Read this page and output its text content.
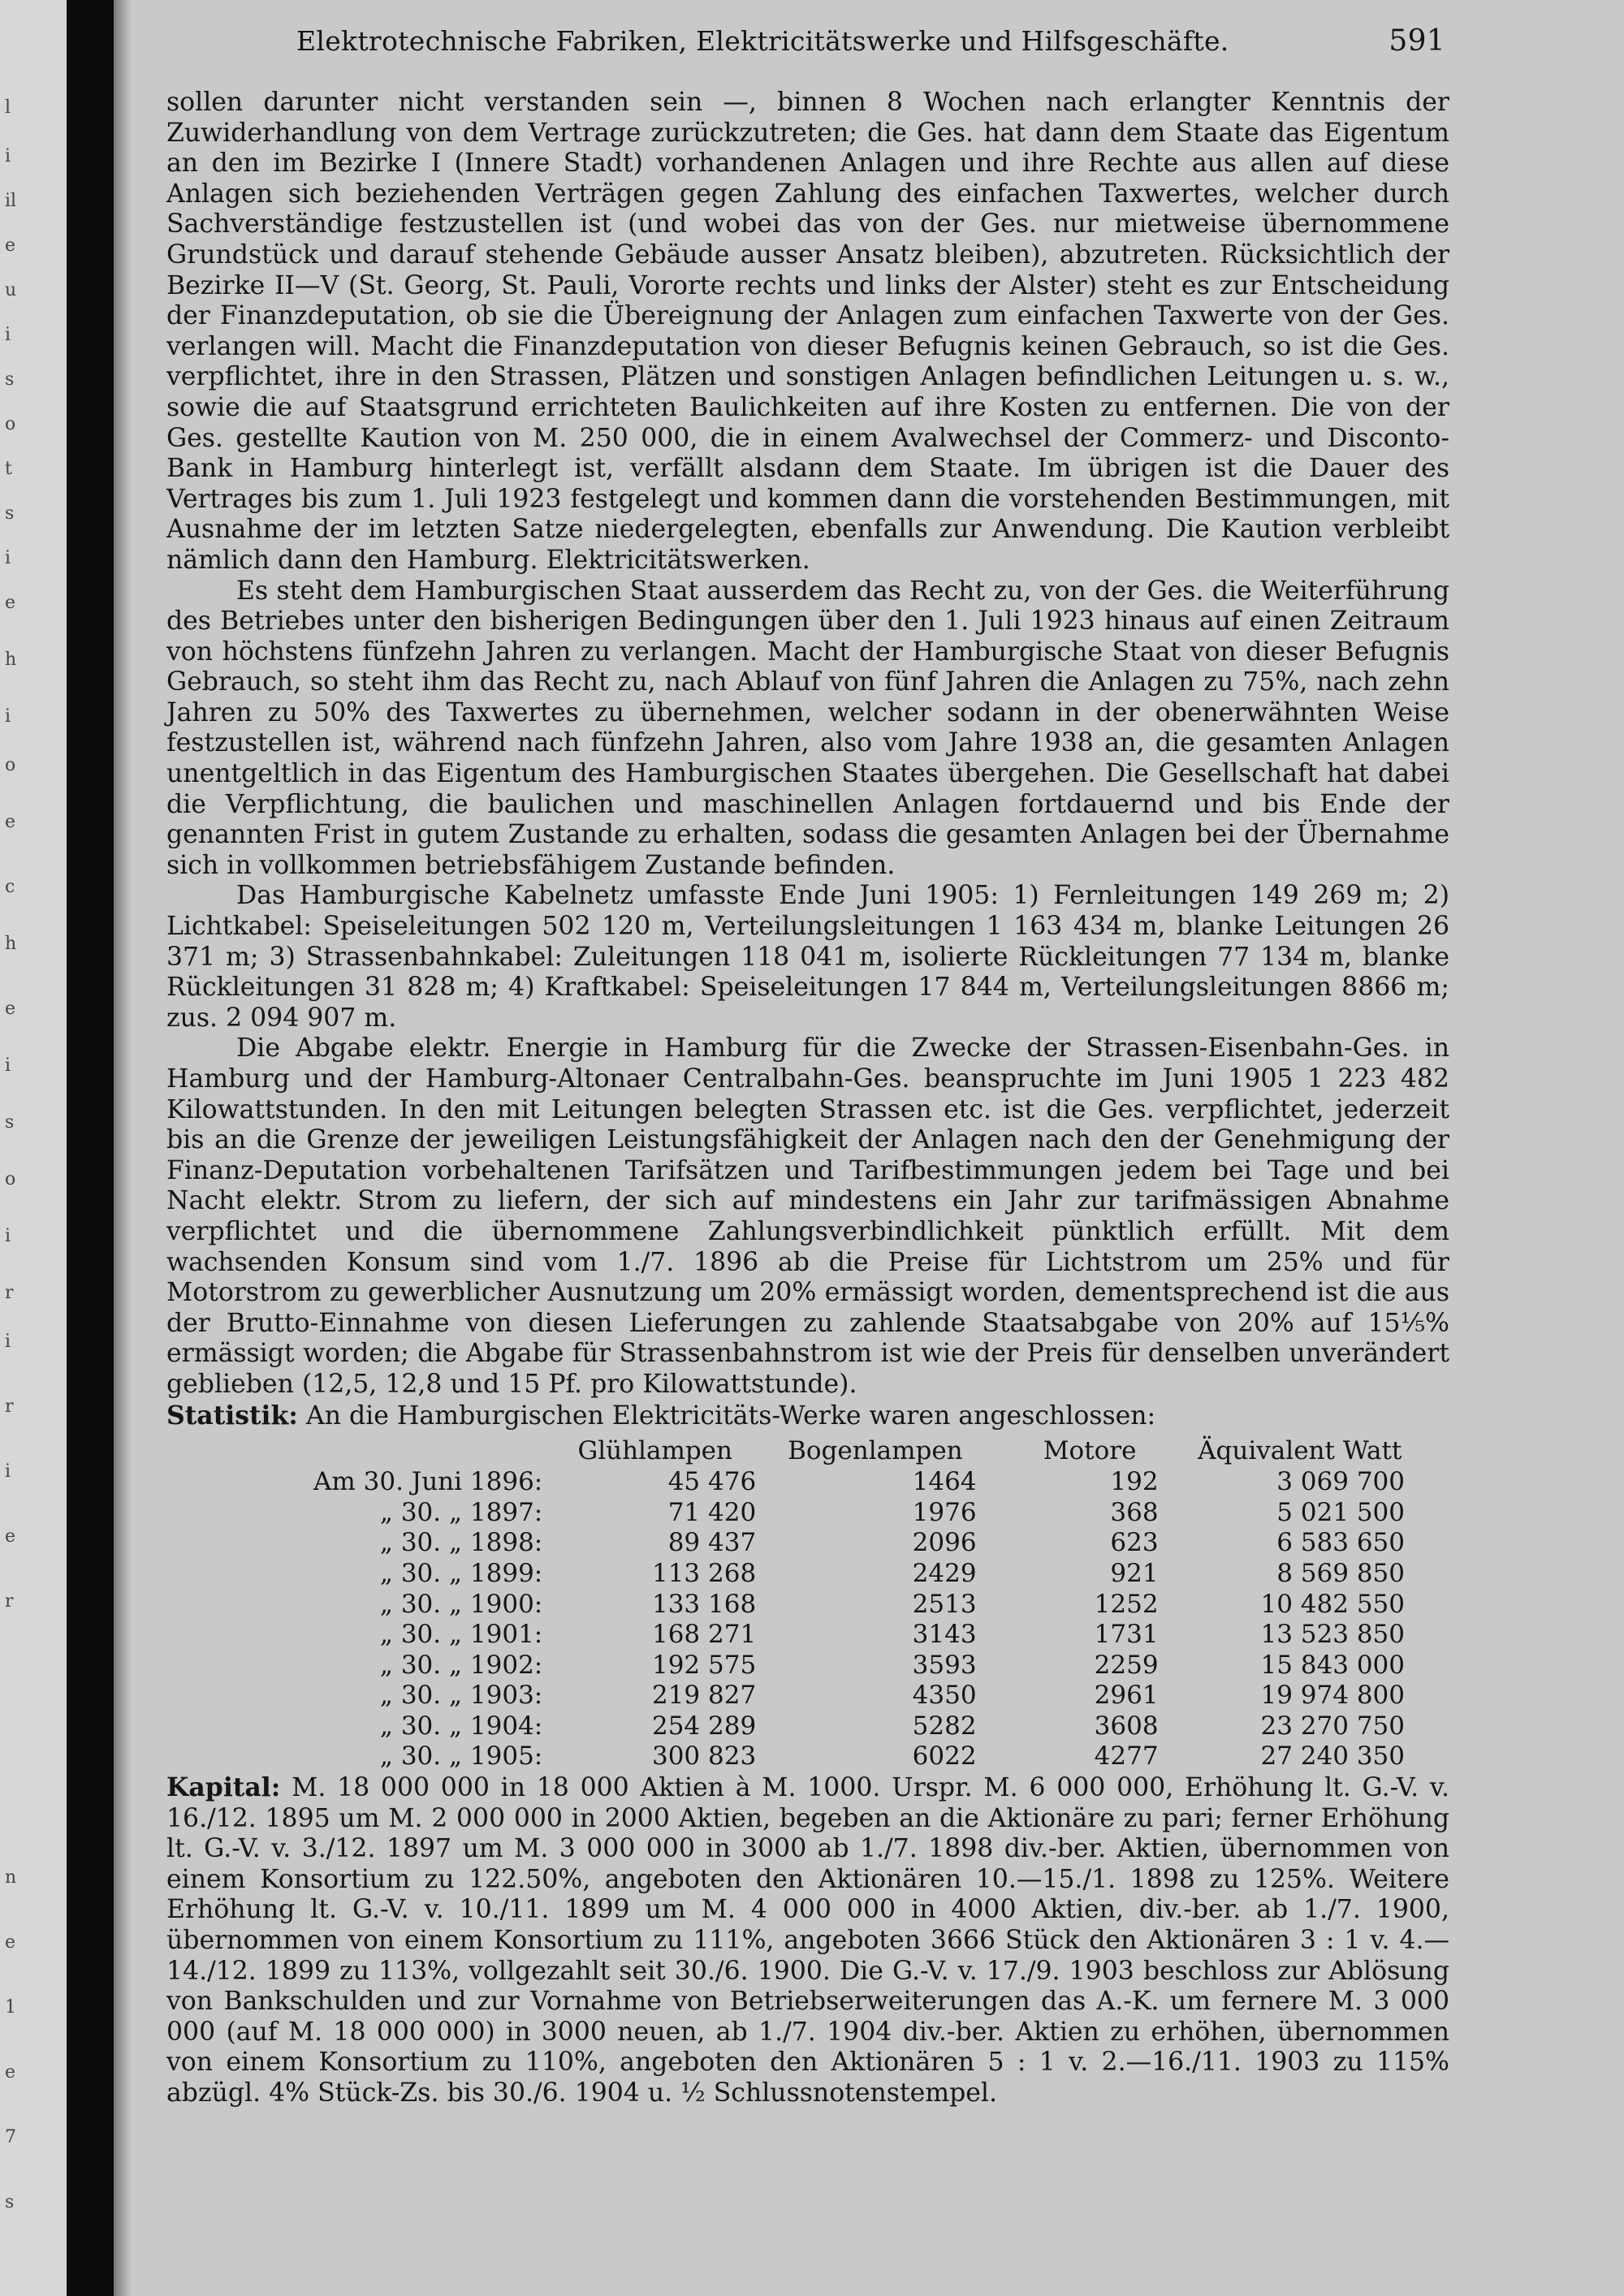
l
i
il
e
u
i
s
o
t
s
i
e
h
i
o
e
c
h
e
i
s
o
i
r
i
r
i
e
r
n
e
1
e
7
s
Elektrotechnische Fabriken, Elektricitätswerke und Hilfsgeschäfte.	591

sollen darunter nicht verstanden sein —, binnen 8 Wochen nach erlangter Kenntnis der Zuwiderhandlung von dem Vertrage zurückzutreten; die Ges. hat dann dem Staate das Eigentum an den im Bezirke I (Innere Stadt) vorhandenen Anlagen und ihre Rechte aus allen auf diese Anlagen sich beziehenden Verträgen gegen Zahlung des einfachen Taxwertes, welcher durch Sachverständige festzustellen ist (und wobei das von der Ges. nur mietweise übernommene Grundstück und darauf stehende Gebäude ausser Ansatz bleiben), abzutreten. Rücksichtlich der Bezirke II—V (St. Georg, St. Pauli, Vororte rechts und links der Alster) steht es zur Entscheidung der Finanzdeputation, ob sie die Übereignung der Anlagen zum einfachen Taxwerte von der Ges. verlangen will. Macht die Finanzdeputation von dieser Befugnis keinen Gebrauch, so ist die Ges. verpflichtet, ihre in den Strassen, Plätzen und sonstigen Anlagen befindlichen Leitungen u. s. w., sowie die auf Staatsgrund errichteten Baulichkeiten auf ihre Kosten zu entfernen. Die von der Ges. gestellte Kaution von M. 250 000, die in einem Avalwechsel der Commerz- und Disconto-Bank in Hamburg hinterlegt ist, verfällt alsdann dem Staate. Im übrigen ist die Dauer des Vertrages bis zum 1. Juli 1923 festgelegt und kommen dann die vorstehenden Bestimmungen, mit Ausnahme der im letzten Satze niedergelegten, ebenfalls zur Anwendung. Die Kaution verbleibt nämlich dann den Hamburg. Elektricitätswerken.

Es steht dem Hamburgischen Staat ausserdem das Recht zu, von der Ges. die Weiterführung des Betriebes unter den bisherigen Bedingungen über den 1. Juli 1923 hinaus auf einen Zeitraum von höchstens fünfzehn Jahren zu verlangen. Macht der Hamburgische Staat von dieser Befugnis Gebrauch, so steht ihm das Recht zu, nach Ablauf von fünf Jahren die Anlagen zu 75%, nach zehn Jahren zu 50% des Taxwertes zu übernehmen, welcher sodann in der obenerwähnten Weise festzustellen ist, während nach fünfzehn Jahren, also vom Jahre 1938 an, die gesamten Anlagen unentgeltlich in das Eigentum des Hamburgischen Staates übergehen. Die Gesellschaft hat dabei die Verpflichtung, die baulichen und maschinellen Anlagen fortdauernd und bis Ende der genannten Frist in gutem Zustande zu erhalten, sodass die gesamten Anlagen bei der Übernahme sich in vollkommen betriebsfähigem Zustande befinden.

Das Hamburgische Kabelnetz umfasste Ende Juni 1905: 1) Fernleitungen 149 269 m; 2) Lichtkabel: Speiseleitungen 502 120 m, Verteilungsleitungen 1 163 434 m, blanke Leitungen 26 371 m; 3) Strassenbahnkabel: Zuleitungen 118 041 m, isolierte Rückleitungen 77 134 m, blanke Rückleitungen 31 828 m; 4) Kraftkabel: Speiseleitungen 17 844 m, Verteilungsleitungen 8866 m; zus. 2 094 907 m.

Die Abgabe elektr. Energie in Hamburg für die Zwecke der Strassen-Eisenbahn-Ges. in Hamburg und der Hamburg-Altonaer Centralbahn-Ges. beanspruchte im Juni 1905 1 223 482 Kilowattstunden. In den mit Leitungen belegten Strassen etc. ist die Ges. verpflichtet, jederzeit bis an die Grenze der jeweiligen Leistungsfähigkeit der Anlagen nach den der Genehmigung der Finanz-Deputation vorbehaltenen Tarifsätzen und Tarifbestimmungen jedem bei Tage und bei Nacht elektr. Strom zu liefern, der sich auf mindestens ein Jahr zur tarifmässigen Abnahme verpflichtet und die übernommene Zahlungsverbindlichkeit pünktlich erfüllt. Mit dem wachsenden Konsum sind vom 1./7. 1896 ab die Preise für Lichtstrom um 25% und für Motorstrom zu gewerblicher Ausnutzung um 20% ermässigt worden, dementsprechend ist die aus der Brutto-Einnahme von diesen Lieferungen zu zahlende Staatsabgabe von 20% auf 15⅕% ermässigt worden; die Abgabe für Strassenbahnstrom ist wie der Preis für denselben unverändert geblieben (12,5, 12,8 und 15 Pf. pro Kilowattstunde).

Statistik: An die Hamburgischen Elektricitäts-Werke waren angeschlossen:

	Glühlampen	Bogenlampen	Motore	Äquivalent Watt
Am 30. Juni 1896:	45 476	1464	192	3 069 700
„ 30. „ 1897:	71 420	1976	368	5 021 500
„ 30. „ 1898:	89 437	2096	623	6 583 650
„ 30. „ 1899:	113 268	2429	921	8 569 850
„ 30. „ 1900:	133 168	2513	1252	10 482 550
„ 30. „ 1901:	168 271	3143	1731	13 523 850
„ 30. „ 1902:	192 575	3593	2259	15 843 000
„ 30. „ 1903:	219 827	4350	2961	19 974 800
„ 30. „ 1904:	254 289	5282	3608	23 270 750
„ 30. „ 1905:	300 823	6022	4277	27 240 350

Kapital: M. 18 000 000 in 18 000 Aktien à M. 1000. Urspr. M. 6 000 000, Erhöhung lt. G.-V. v. 16./12. 1895 um M. 2 000 000 in 2000 Aktien, begeben an die Aktionäre zu pari; ferner Erhöhung lt. G.-V. v. 3./12. 1897 um M. 3 000 000 in 3000 ab 1./7. 1898 div.-ber. Aktien, übernommen von einem Konsortium zu 122.50%, angeboten den Aktionären 10.—15./1. 1898 zu 125%. Weitere Erhöhung lt. G.-V. v. 10./11. 1899 um M. 4 000 000 in 4000 Aktien, div.-ber. ab 1./7. 1900, übernommen von einem Konsortium zu 111%, angeboten 3666 Stück den Aktionären 3 : 1 v. 4.—14./12. 1899 zu 113%, vollgezahlt seit 30./6. 1900. Die G.-V. v. 17./9. 1903 beschloss zur Ablösung von Bankschulden und zur Vornahme von Betriebserweiterungen das A.-K. um fernere M. 3 000 000 (auf M. 18 000 000) in 3000 neuen, ab 1./7. 1904 div.-ber. Aktien zu erhöhen, übernommen von einem Konsortium zu 110%, angeboten den Aktionären 5 : 1 v. 2.—16./11. 1903 zu 115% abzügl. 4% Stück-Zs. bis 30./6. 1904 u. ½ Schlussnotenstempel.
